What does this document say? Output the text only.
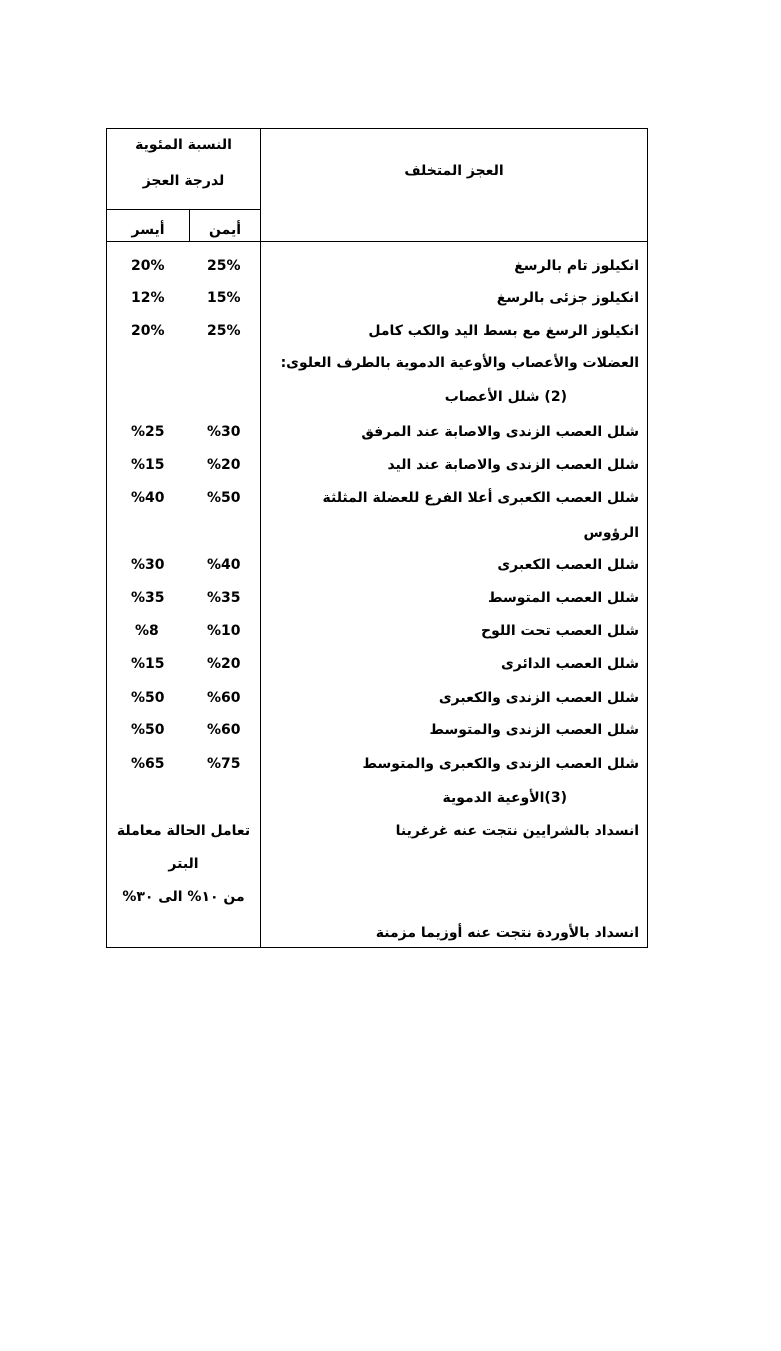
العجز المتخلف
النسبة المئوية
لدرجة العجز
أيمن
أيسر
انكيلوز تام بالرسغ
25%
20%
انكيلوز جزئى بالرسغ
15%
12%
انكيلوز الرسغ مع بسط اليد والكب كامل
25%
20%
العضلات والأعصاب والأوعية الدموية بالطرف العلوى:
(2) شلل الأعصاب
شلل العصب الزندى والاصابة عند المرفق
%30
%25
شلل العصب الزندى والاصابة عند اليد
%20
%15
شلل العصب الكعبرى أعلا الفرع للعضلة المثلثة
%50
%40
الرؤوس
شلل العصب الكعبرى
%40
%30
شلل العصب المتوسط
%35
%35
شلل العصب تحت اللوح
%10
%8
شلل العصب الدائرى
%20
%15
شلل العصب الزندى والكعبرى
%60
%50
شلل العصب الزندى والمتوسط
%60
%50
شلل العصب الزندى والكعبرى والمتوسط
%75
%65
(3)الأوعية الدموية
انسداد بالشرايين نتجت عنه غرغرينا
تعامل الحالة معاملة
البتر
من ١٠% الى ٣٠%
انسداد بالأوردة نتجت عنه أوزيما مزمنة
